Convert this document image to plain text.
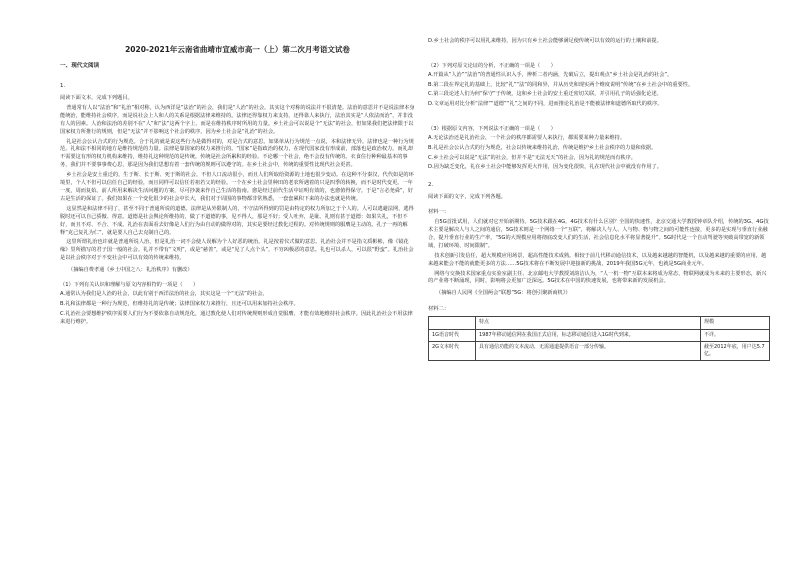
2020-2021年云南省曲靖市宣威市高一（上）第二次月考语文试卷
一、现代文阅读
1.

阅读下面文本，完成下列题目。

普通常有人以“法治”和“礼治”相对称，认为西洋是“法治”的社会，我们是“人治”的社会。其实这个对称的说法并不很清楚。法治的意思并不是说法律本身能统治，能维持社会秩序，而是说社会上人和人的关系是根据法律来维持的。法律还得靠权力来支持，还得靠人来执行，法治其实是“人依法而治”，并非没有人的因素。人治和法治的差别不在“人”和“法”这两个字上，而是在维持秩序时所用的力量。乡土社会可以说是个“无法”的社会，但如果我们把法律限于以国家权力所推行的规则，但是“无法”并不影响这个社会的秩序，因为乡土社会是“礼治”的社会。

礼是社会公认合式的行为规范。合于礼的就是说这些行为是做得对的，对是合式的意思。如果单从行为规范一点说，本和法律无异。法律也是一种行为规范。礼和法不相同的地方是维持规范的力量。法律是靠国家的权力来推行的。“国家”是指政治的权力，在现代国家没有形成前，部落也是政治权力。而礼却不需要这有形的权力机构来维持，维持礼这种规范的是传统。传统是社会所累积的经验。不论哪一个社会，绝不会没有传统的。衣食住行种种最基本的事务，我们并不要事事费心思，那是因为我们思想有着一套传统的规则可以遵守的。在乡土社会中，传统的重要性比现代社会更甚。

乡土社会是安土重迁的，生于斯、长于斯、死于斯的社会。不但人口流动很小，而且人们所取给资源的土地也很少变动。在这种不分秦汉，代代如是的环境里，个人不但可以信任自己的经验，而且同样可以信任若祖若父的经验。一个在乡土社会里种田的老农所遇着的只是四季的转换，而不是时代变更。一年一度，周而复始。前人所用来解决生活问题的方案，尽可抄袭来作自己生活的指南。愈是经过前代生活中证明有效的，也愈值得保守。于是“言必尧舜”，好古是生活的保证了。我们如果在一个变化很少的社会中长大，我们对于周围的事物都非常熟悉，一套套累积下来的办法也就是传统。

这显然是和法律不同了，甚至不同于普通所说的道德。法律是从外限制人的，不守法所得到的罚是由特定的权力所加之于个人的。人可以逃避法网，逃得脱时还可以自己骄傲、得意。道德是社会舆论所维持的，做了不道德的事，见不得人，那是不好；受人吐弃，是耻。礼则有甚于道德：如果失礼，不但不好，而且不对、不合、不成。礼治在表面看去好像是人们行为由自动的做得对的，其实是要经过教化过程的。对传统规则的服膺是主动的。孔子一再的解释“克己复礼为仁”，就是要人自己去克制自己的。

这里所谓礼治也许就是普通所说人治，但是礼治一词不会使人误解为个人好恶的统治。礼是按着仪式做的意思。礼治社会并不是指文质彬彬，像《镜花缘》里所描写的君子国一般的社会。礼并不带有“文明”，或是“慈善”，或是“见了人点个头”，不穷凶极恶的意思。礼也可以杀人，可以很“野蛮”。礼治社会是以社会秩序对于不变社会中可以有效的传统来维持。

（摘编自费孝通《乡土中国之八：礼治秩序》有删改）
（1）下列有关认识和理解与原文内容相符的一项是（　　）
A.通常认为我们是人治的社会，以此有别于西洋法治的社会，其实这是一个“无法”的社会。
B.礼和法律都是一种行为规范，但维持礼的是传统；法律国家权力来推行，且还可以用来加持社会秩序。
C.礼治社会要想维护秩序需要人们行为不要依靠自动规范化，通过教化使人们对传统规则形成自觉服膺，才能有效地维持社会秩序。因此礼治社会不用法律来进行维护。
D.乡土社会的秩序可以用礼来维持，因为只有乡土社会能够满足使传统可以有效的运行的土壤和前提。
（2）下列对原文论证的分析，不正确的一项是（　　）
A.开篇从“人治”“法治”的普通性认识入手，辨析二者内涵，先破后立，提出观点“乡土社会是礼治的社会”。
B.第二段在界定礼的基础上，比较“礼”“法”的同和异，并从历史和现实两个维度说明“传统”在乡土社会中的重要性。
C.第三段论述人们为何“保守”于传统，这和乡土社会的安土重迁密切关联，并引用孔子的话强化论述。
D.文章运用对比分析“法律”“道德”“礼”之间的不同，进而推论礼治是不能被法律和道德所取代的秩序。
（3）根据原文内容，下列说法不正确的一项是（　　）
A.无论法治还是礼治社会，一个社会的秩序都需要人来执行，都需要某种力量来维持。
B.礼是社会公认合式的行为规范，社会以传统来维持礼治，传统是维护乡土社会秩序的力量和依据。
C.乡土社会可以说是“无法”的社会，但并不是“无法无天”的社会，因为礼的规范而有秩序。
D.因为缺乏变化，礼在乡土社会中能够发挥更大作用，因为变化很快，礼在现代社会中就没有作用了。
2.

阅读下面的文字，完成下列各题。

材料一：

自5G首批试用，人们就对它开始新期待。5G技术跟在4G，4G技术有什么区别？全国的快速性，北京交通大学教授钟章队介绍，传统的3G、4G技术主要是解决人与人之间的通信，5G技术则是一个网络一个“互联”，将解决人与人、人与物、物与物之间的可能性连接，更多的是实现与垂直行业融合，提升垂直行业的生产率，“5G的大规模应用将彻底改变人们的生活，社会信息化水平将显著提升”。5G时代是一个自动驾驶等突破高带宽的新领域，打破环境、时间限制”。

技术创新引发信任，超大规模应用场景，超高性能技术成熟。相较于前几代移动通信技术，以及越来越越的智能机，以及越来越的重要的应用，越来越来能会不能的就能更多的方法……5G技术将在不断发展中迎接新的挑战，2019年我国5G元年，也就是5G商业元年。

网络与交换技术国家重点实验室副主任、北京邮电大学教授刘韵洁认为，“人一机一物”互联本来将成为常态，物联网就成为未来的主要形态，新兴的产业将不断涌现，同时，影响将会更加广泛深远。5G技术在中国的快速发展，也将带来新的发展机会。

（摘编自人民网《全国两会“联想”5G：将创引聚新商机》）
材料二：
	特点	规模
1G语音时代	1987年移动通信网在我国正式启用，标志移动通信进入1G时代到来。	不详。
2G文本时代	具有通信功能的文本流动，无需通道提供语音一部分传输。	截至2012年底，用户达5.7亿。
